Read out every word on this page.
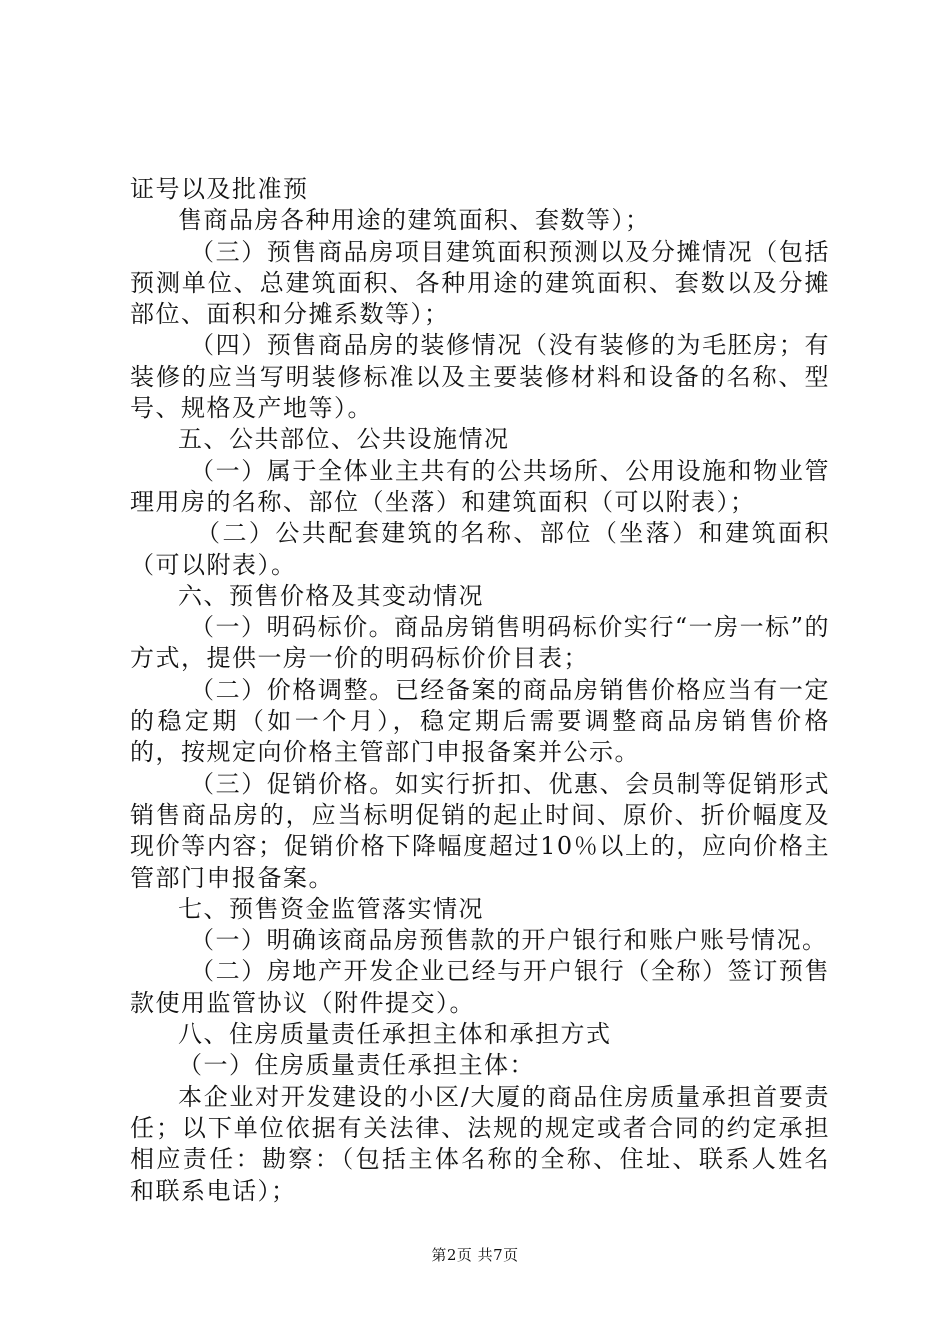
证号以及批准预

售商品房各种用途的建筑面积、套数等）；

（三）预售商品房项目建筑面积预测以及分摊情况（包括预测单位、总建筑面积、各种用途的建筑面积、套数以及分摊部位、面积和分摊系数等）；

（四）预售商品房的装修情况（没有装修的为毛胚房；有装修的应当写明装修标准以及主要装修材料和设备的名称、型号、规格及产地等）。

五、公共部位、公共设施情况

（一）属于全体业主共有的公共场所、公用设施和物业管理用房的名称、部位（坐落）和建筑面积（可以附表）；

（二）公共配套建筑的名称、部位（坐落）和建筑面积（可以附表）。

六、预售价格及其变动情况

（一）明码标价。商品房销售明码标价实行“一房一标”的方式，提供一房一价的明码标价价目表；

（二）价格调整。已经备案的商品房销售价格应当有一定的稳定期（如一个月），稳定期后需要调整商品房销售价格的，按规定向价格主管部门申报备案并公示。

（三）促销价格。如实行折扣、优惠、会员制等促销形式销售商品房的，应当标明促销的起止时间、原价、折价幅度及现价等内容；促销价格下降幅度超过10％以上的，应向价格主管部门申报备案。

七、预售资金监管落实情况

（一）明确该商品房预售款的开户银行和账户账号情况。

（二）房地产开发企业已经与开户银行（全称）签订预售款使用监管协议（附件提交）。

八、住房质量责任承担主体和承担方式

（一）住房质量责任承担主体：

本企业对开发建设的小区/大厦的商品住房质量承担首要责任；以下单位依据有关法律、法规的规定或者合同的约定承担相应责任：勘察：（包括主体名称的全称、住址、联系人姓名和联系电话）；

第2页 共7页
